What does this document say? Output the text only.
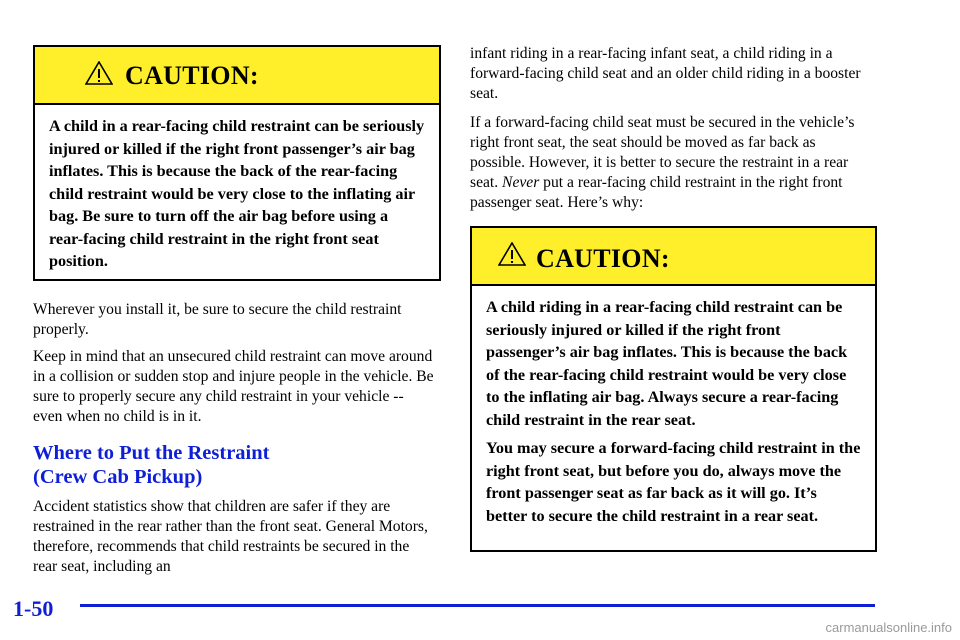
CAUTION:

A child in a rear-facing child restraint can be seriously injured or killed if the right front passenger’s air bag inflates. This is because the back of the rear-facing child restraint would be very close to the inflating air bag. Be sure to turn off the air bag before using a rear-facing child restraint in the right front seat position.

Wherever you install it, be sure to secure the child restraint properly.
Keep in mind that an unsecured child restraint can move around in a collision or sudden stop and injure people in the vehicle. Be sure to properly secure any child restraint in your vehicle -- even when no child is in it.
Where to Put the Restraint
(Crew Cab Pickup)
Accident statistics show that children are safer if they are restrained in the rear rather than the front seat. General Motors, therefore, recommends that child restraints be secured in the rear seat, including an
infant riding in a rear-facing infant seat, a child riding in a forward-facing child seat and an older child riding in a booster seat.
If a forward-facing child seat must be secured in the vehicle’s right front seat, the seat should be moved as far back as possible. However, it is better to secure the restraint in a rear seat. Never put a rear-facing child restraint in the right front passenger seat. Here’s why:
CAUTION:

A child riding in a rear-facing child restraint can be seriously injured or killed if the right front passenger’s air bag inflates. This is because the back of the rear-facing child restraint would be very close to the inflating air bag. Always secure a rear-facing child restraint in the rear seat.

You may secure a forward-facing child restraint in the right front seat, but before you do, always move the front passenger seat as far back as it will go. It’s better to secure the child restraint in a rear seat.

1-50
carmanualsonline.info
